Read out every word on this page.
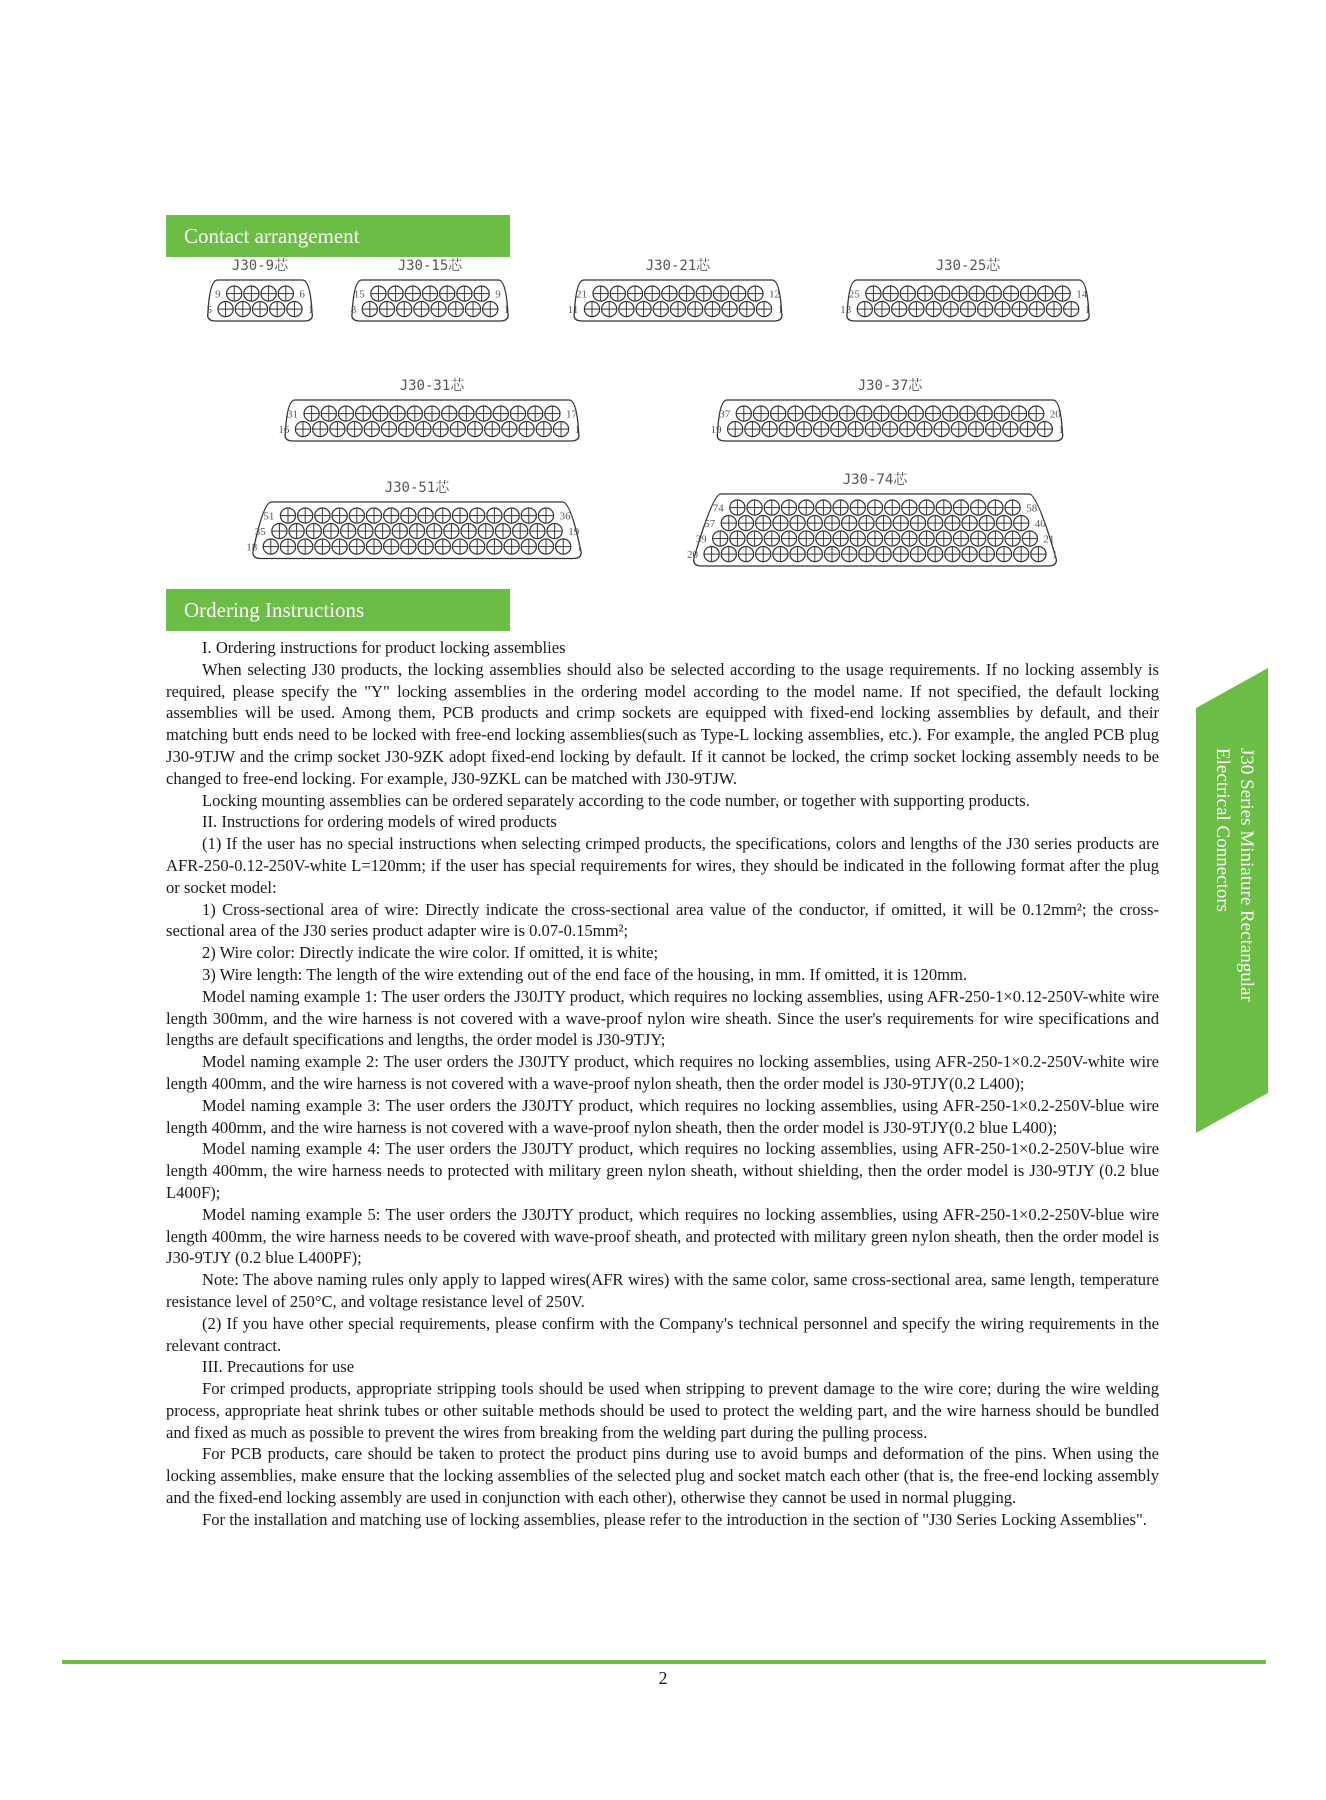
Contact arrangement
J30-9芯
9	6
5	1
J30-15芯
15	9
8	1
J30-21芯
21	12
11	1
J30-25芯
25	14
13	1
J30-31芯
31	17
16	1
J30-37芯
37	20
19	1
J30-51芯
51	36
35	19
18	1
J30-74芯
74	58
57	40
39	21
20	1
Ordering Instructions

I. Ordering instructions for product locking assemblies

When selecting J30 products, the locking assemblies should also be selected according to the usage requirements. If no locking assembly is required, please specify the "Y" locking assemblies in the ordering model according to the model name. If not specified, the default locking assemblies will be used. Among them, PCB products and crimp sockets are equipped with fixed-end locking assemblies by default, and their matching butt ends need to be locked with free-end locking assemblies(such as Type-L locking assemblies, etc.). For example, the angled PCB plug J30-9TJW and the crimp socket J30-9ZK adopt fixed-end locking by default. If it cannot be locked, the crimp socket locking assembly needs to be changed to free-end locking. For example, J30-9ZKL can be matched with J30-9TJW.

Locking mounting assemblies can be ordered separately according to the code number, or together with supporting products.

II. Instructions for ordering models of wired products

(1) If the user has no special instructions when selecting crimped products, the specifications, colors and lengths of the J30 series products are AFR-250-0.12-250V-white L=120mm; if the user has special requirements for wires, they should be indicated in the following format after the plug or socket model:

1) Cross-sectional area of wire: Directly indicate the cross-sectional area value of the conductor, if omitted, it will be 0.12mm²; the cross-sectional area of the J30 series product adapter wire is 0.07-0.15mm²;

2) Wire color: Directly indicate the wire color. If omitted, it is white;

3) Wire length: The length of the wire extending out of the end face of the housing, in mm. If omitted, it is 120mm.

Model naming example 1: The user orders the J30JTY product, which requires no locking assemblies, using AFR-250-1×0.12-250V-white wire length 300mm, and the wire harness is not covered with a wave-proof nylon wire sheath. Since the user's requirements for wire specifications and lengths are default specifications and lengths, the order model is J30-9TJY;

Model naming example 2: The user orders the J30JTY product, which requires no locking assemblies, using AFR-250-1×0.2-250V-white wire length 400mm, and the wire harness is not covered with a wave-proof nylon sheath, then the order model is J30-9TJY(0.2 L400);

Model naming example 3: The user orders the J30JTY product, which requires no locking assemblies, using AFR-250-1×0.2-250V-blue wire length 400mm, and the wire harness is not covered with a wave-proof nylon sheath, then the order model is J30-9TJY(0.2 blue L400);

Model naming example 4: The user orders the J30JTY product, which requires no locking assemblies, using AFR-250-1×0.2-250V-blue wire length 400mm, the wire harness needs to protected with military green nylon sheath, without shielding, then the order model is J30-9TJY (0.2 blue L400F);

Model naming example 5: The user orders the J30JTY product, which requires no locking assemblies, using AFR-250-1×0.2-250V-blue wire length 400mm, the wire harness needs to be covered with wave-proof sheath, and protected with military green nylon sheath, then the order model is J30-9TJY (0.2 blue L400PF);

Note: The above naming rules only apply to lapped wires(AFR wires) with the same color, same cross-sectional area, same length, temperature resistance level of 250°C, and voltage resistance level of 250V.

(2) If you have other special requirements, please confirm with the Company's technical personnel and specify the wiring requirements in the relevant contract.

III. Precautions for use

For crimped products, appropriate stripping tools should be used when stripping to prevent damage to the wire core; during the wire welding process, appropriate heat shrink tubes or other suitable methods should be used to protect the welding part, and the wire harness should be bundled and fixed as much as possible to prevent the wires from breaking from the welding part during the pulling process.

For PCB products, care should be taken to protect the product pins during use to avoid bumps and deformation of the pins. When using the locking assemblies, make ensure that the locking assemblies of the selected plug and socket match each other (that is, the free-end locking assembly and the fixed-end locking assembly are used in conjunction with each other), otherwise they cannot be used in normal plugging.

For the installation and matching use of locking assemblies, please refer to the introduction in the section of "J30 Series Locking Assemblies".

J30 Series Miniature Rectangular
Electrical Connectors
2
